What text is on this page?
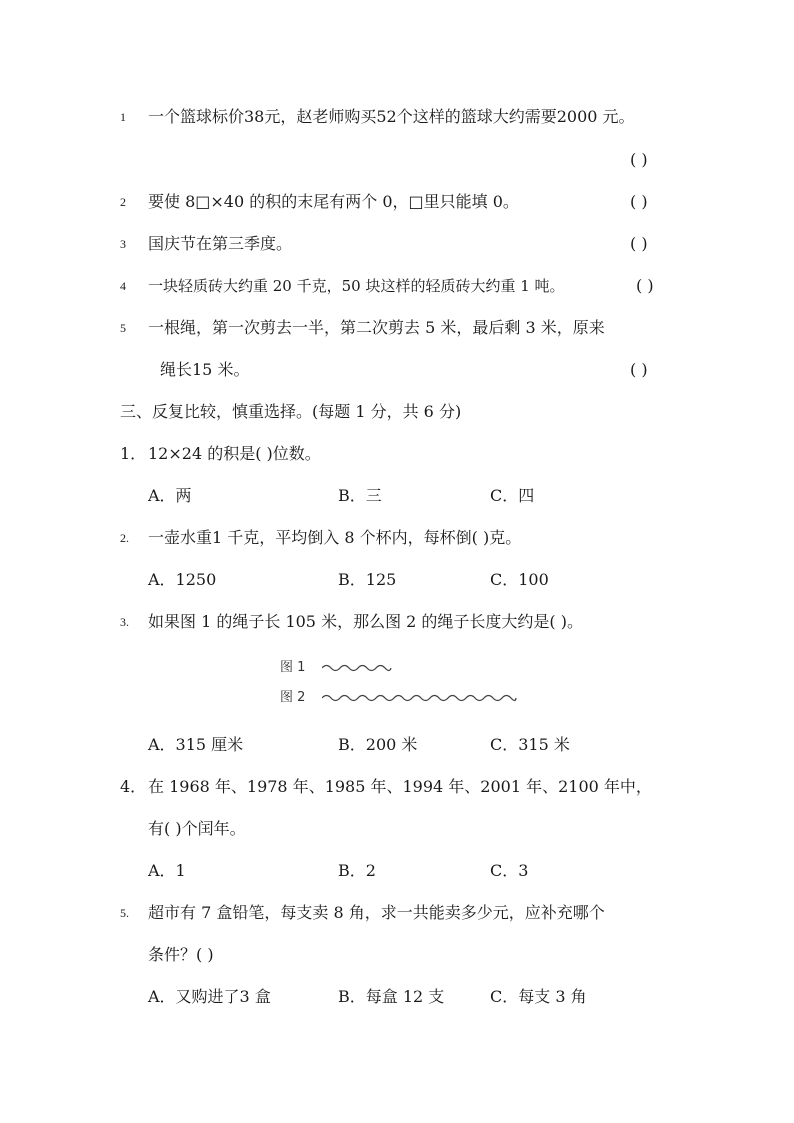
1 一个篮球标价38元，赵老师购买52个这样的篮球大约需要2000 元。
( )
2 要使 8□×40 的积的末尾有两个 0，□里只能填 0。	( )
3 国庆节在第三季度。	( )
4 一块轻质砖大约重 20 千克，50 块这样的轻质砖大约重 1 吨。	( )
5 一根绳，第一次剪去一半，第二次剪去 5 米，最后剩 3 米，原来
绳长15 米。	( )
三、反复比较，慎重选择。(每题 1 分，共 6 分)
1． 12×24 的积是( )位数。
A．两	B．三	C．四
2. 一壶水重1 千克，平均倒入 8 个杯内，每杯倒( )克。
A．1250	B．125	C．100
3. 如果图 1 的绳子长 105 米，那么图 2 的绳子长度大约是( )。
图 1
图 2
A．315 厘米	B．200 米	C．315 米
4． 在 1968 年、1978 年、1985 年、1994 年、2001 年、2100 年中，
有( )个闰年。
A．1	B．2	C．3
5. 超市有 7 盒铅笔，每支卖 8 角，求一共能卖多少元，应补充哪个
条件？( )
A．又购进了3 盒	B．每盒 12 支	C．每支 3 角
